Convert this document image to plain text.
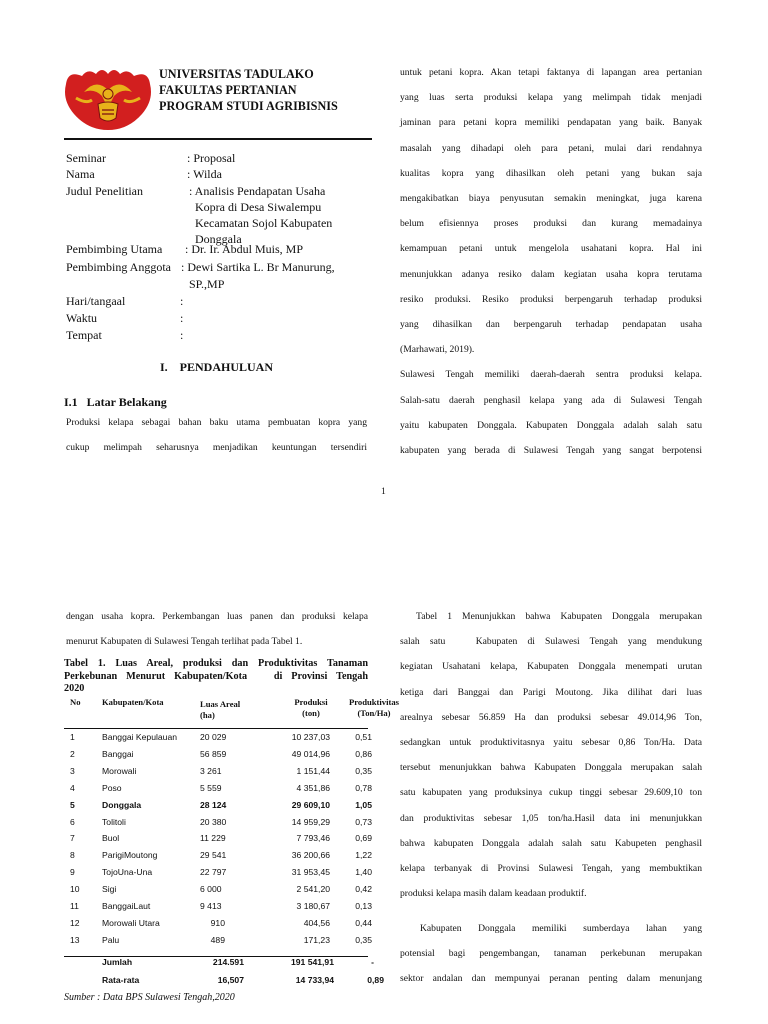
UNIVERSITAS TADULAKO

FAKULTAS PERTANIAN

PROGRAM STUDI AGRIBISNIS

Seminar	: Proposal
Nama	: Wilda
Judul Penelitian	: Analisis Pendapatan Usaha
Kopra di Desa Siwalempu
Kecamatan Sojol Kabupaten
Donggala
Pembimbing Utama : Dr. Ir. Abdul Muis, MP
Pembimbing Anggota : Dewi Sartika L. Br Manurung,
SP.,MP
Hari/tangaal	:
Waktu	:
Tempat	:
I.    PENDAHULUAN
I.1   Latar Belakang

Produksi kelapa sebagai bahan baku utama pembuatan kopra yang

cukup melimpah seharusnya menjadikan keuntungan tersendiri

untuk petani kopra. Akan tetapi faktanya di lapangan area pertanian

yang luas serta produksi kelapa yang melimpah tidak menjadi

jaminan para petani kopra memiliki pendapatan yang baik. Banyak

masalah yang dihadapi oleh para petani, mulai dari rendahnya

kualitas kopra yang dihasilkan oleh petani yang bukan saja

mengakibatkan biaya penyusutan semakin meningkat, juga karena

belum efisiennya proses produksi dan kurang memadainya

kemampuan petani untuk mengelola usahatani kopra. Hal ini

menunjukkan adanya resiko dalam kegiatan usaha kopra terutama

resiko produksi. Resiko produksi berpengaruh terhadap produksi

yang dihasilkan dan berpengaruh terhadap pendapatan usaha

(Marhawati, 2019).

Sulawesi Tengah memiliki daerah-daerah sentra produksi kelapa.

Salah-satu daerah penghasil kelapa yang ada di Sulawesi Tengah

yaitu kabupaten Donggala. Kabupaten Donggala adalah salah satu

kabupaten yang berada di Sulawesi Tengah yang sangat berpotensi

1

dengan usaha kopra. Perkembangan luas panen dan produksi kelapa

menurut Kabupaten di Sulawesi Tengah terlihat pada Tabel 1.

Tabel 1. Luas Areal, produksi dan Produktivitas Tanaman
Perkebunan Menurut Kabupaten/Kota   di Provinsi Tengah
2020
No Kabupaten/Kota	Luas Areal
(ha)
Produksi
(ton)
Produktivitas
(Ton/Ha)
1	Banggai Kepulauan	20 029	10 237,03	0,51
2	Banggai	56 859	49 014,96	0,86
3	Morowali	3 261	1 151,44	0,35
4	Poso	5 559	4 351,86	0,78
5	Donggala	28 124	29 609,10	1,05
6	Tolitoli	20 380	14 959,29	0,73
7	Buol	11 229	7 793,46	0,69
8	ParigiMoutong	29 541	36 200,66	1,22
9	TojoUna-Una	22 797	31 953,45	1,40
10	Sigi	6 000	2 541,20	0,42
11	BanggaiLaut	9 413	3 180,67	0,13
12	Morowali Utara	910	404,56	0,44
13	Palu	489	171,23	0,35
Jumlah	214.591	191 541,91	-
Rata-rata	16,507	14 733,94	0,89
Sumber : Data BPS Sulawesi Tengah,2020

Tabel 1 Menunjukkan bahwa Kabupaten Donggala merupakan

salah satu   Kabupaten di Sulawesi Tengah yang mendukung

kegiatan Usahatani kelapa, Kabupaten Donggala menempati urutan

ketiga dari Banggai dan Parigi Moutong. Jika dilihat dari luas

arealnya sebesar 56.859 Ha dan produksi sebesar 49.014,96 Ton,

sedangkan untuk produktivitasnya yaitu sebesar 0,86 Ton/Ha. Data

tersebut menunjukkan bahwa Kabupaten Donggala merupakan salah

satu kabupaten yang produksinya cukup tinggi sebesar 29.609,10 ton

dan produktivitas sebesar 1,05 ton/ha.Hasil data ini menunjukkan

bahwa kabupaten Donggala adalah salah satu Kabupeten penghasil

kelapa terbanyak di Provinsi Sulawesi Tengah, yang membuktikan

produksi kelapa masih dalam keadaan produktif.

Kabupaten Donggala memiliki sumberdaya lahan yang

potensial bagi pengembangan, tanaman perkebunan merupakan

sektor andalan dan mempunyai peranan penting dalam menunjang
